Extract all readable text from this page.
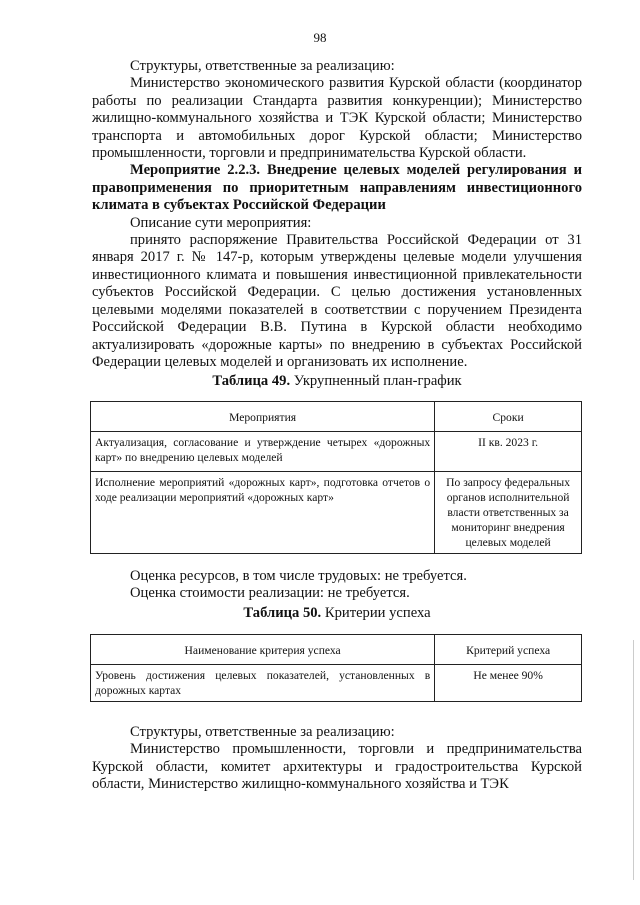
98

Структуры, ответственные за реализацию:

Министерство экономического развития Курской области (координатор работы по реализации Стандарта развития конкуренции); Министерство жилищно-коммунального хозяйства и ТЭК Курской области; Министерство транспорта и автомобильных дорог Курской области; Министерство промышленности, торговли и предпринимательства Курской области.

Мероприятие 2.2.3. Внедрение целевых моделей регулирования и правоприменения по приоритетным направлениям инвестиционного климата в субъектах Российской Федерации

Описание сути мероприятия:

принято распоряжение Правительства Российской Федерации от 31 января 2017 г. № 147-р, которым утверждены целевые модели улучшения инвестиционного климата и повышения инвестиционной привлекательности субъектов Российской Федерации. С целью достижения установленных целевыми моделями показателей в соответствии с поручением Президента Российской Федерации В.В. Путина в Курской области необходимо актуализировать «дорожные карты» по внедрению в субъектах Российской Федерации целевых моделей и организовать их исполнение.

Таблица 49. Укрупненный план-график
Мероприятия	Сроки
Актуализация, согласование и утверждение четырех «дорожных карт» по внедрению целевых моделей	II кв. 2023 г.
Исполнение мероприятий «дорожных карт», подготовка отчетов о ходе реализации мероприятий «дорожных карт»	По запросу федеральных органов исполнительной власти ответственных за мониторинг внедрения целевых моделей

Оценка ресурсов, в том числе трудовых: не требуется.

Оценка стоимости реализации: не требуется.

Таблица 50. Критерии успеха
Наименование критерия успеха	Критерий успеха
Уровень достижения целевых показателей, установленных в дорожных картах	Не менее 90%

Структуры, ответственные за реализацию:

Министерство промышленности, торговли и предпринимательства Курской области, комитет архитектуры и градостроительства Курской области, Министерство жилищно-коммунального хозяйства и ТЭК
